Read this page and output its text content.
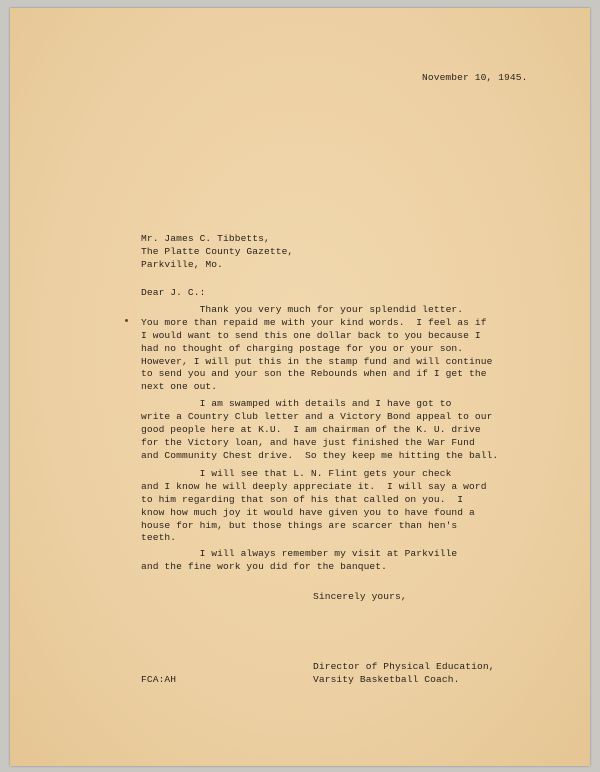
November 10, 1945.
Mr. James C. Tibbetts,
The Platte County Gazette,
Parkville, Mo.
Dear J. C.:
Thank you very much for your splendid letter.
You more than repaid me with your kind words.  I feel as if
I would want to send this one dollar back to you because I
had no thought of charging postage for you or your son.
However, I will put this in the stamp fund and will continue
to send you and your son the Rebounds when and if I get the
next one out.
I am swamped with details and I have got to
write a Country Club letter and a Victory Bond appeal to our
good people here at K.U.  I am chairman of the K. U. drive
for the Victory loan, and have just finished the War Fund
and Community Chest drive.  So they keep me hitting the ball.
I will see that L. N. Flint gets your check
and I know he will deeply appreciate it.  I will say a word
to him regarding that son of his that called on you.  I
know how much joy it would have given you to have found a
house for him, but those things are scarcer than hen's
teeth.
I will always remember my visit at Parkville
and the fine work you did for the banquet.
Sincerely yours,
Director of Physical Education,
Varsity Basketball Coach.
FCA:AH
